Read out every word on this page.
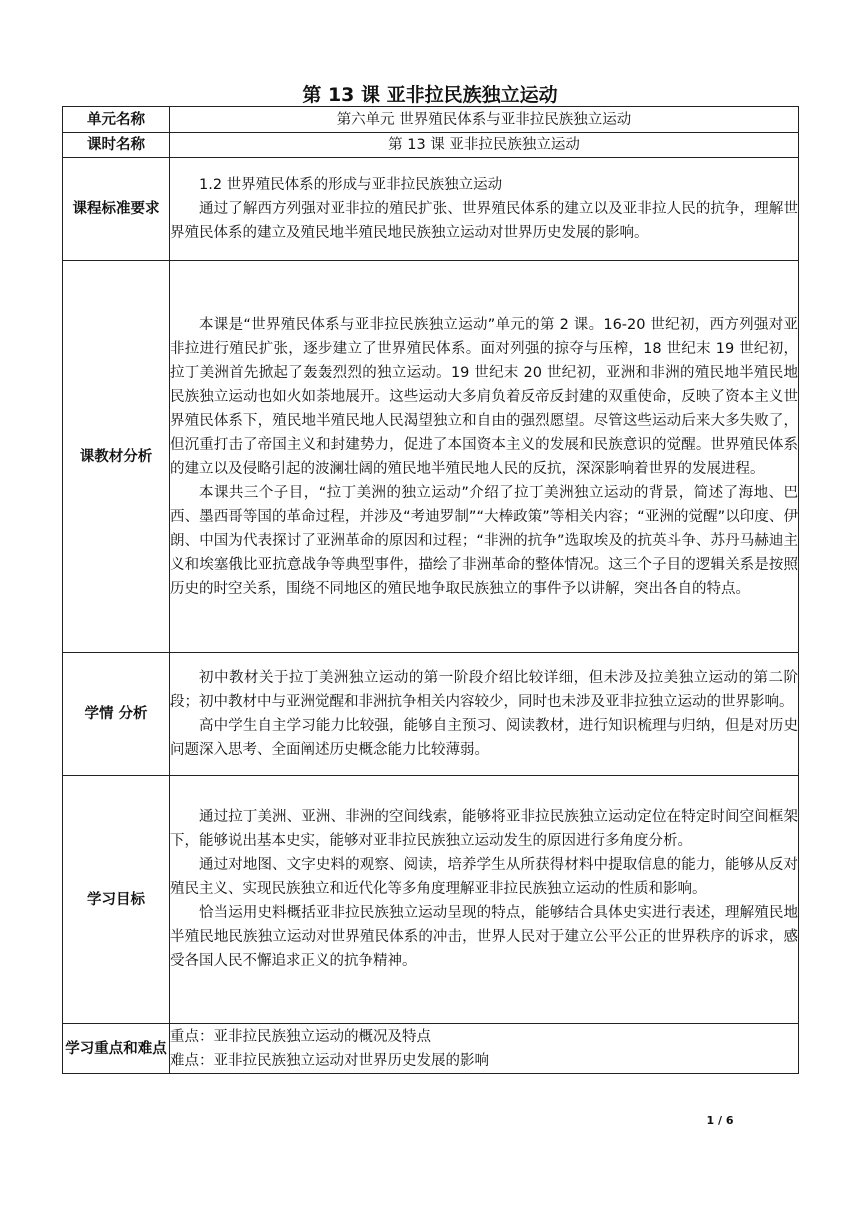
第 13 课 亚非拉民族独立运动
单元名称	第六单元 世界殖民体系与亚非拉民族独立运动
课时名称	第 13 课 亚非拉民族独立运动
课程标准要求	1.2 世界殖民体系的形成与亚非拉民族独立运动

通过了解西方列强对亚非拉的殖民扩张、世界殖民体系的建立以及亚非拉人民的抗争，理解世界殖民体系的建立及殖民地半殖民地民族独立运动对世界历史发展的影响。

课教材分析	本课是“世界殖民体系与亚非拉民族独立运动”单元的第 2 课。16-20 世纪初，西方列强对亚非拉进行殖民扩张，逐步建立了世界殖民体系。面对列强的掠夺与压榨，18 世纪末 19 世纪初，拉丁美洲首先掀起了轰轰烈烈的独立运动。19 世纪末 20 世纪初，亚洲和非洲的殖民地半殖民地民族独立运动也如火如荼地展开。这些运动大多肩负着反帝反封建的双重使命，反映了资本主义世界殖民体系下，殖民地半殖民地人民渴望独立和自由的强烈愿望。尽管这些运动后来大多失败了，但沉重打击了帝国主义和封建势力，促进了本国资本主义的发展和民族意识的觉醒。世界殖民体系的建立以及侵略引起的波澜壮阔的殖民地半殖民地人民的反抗，深深影响着世界的发展进程。

本课共三个子目，“拉丁美洲的独立运动”介绍了拉丁美洲独立运动的背景，简述了海地、巴西、墨西哥等国的革命过程，并涉及“考迪罗制”“大棒政策”等相关内容；“亚洲的觉醒”以印度、伊朗、中国为代表探讨了亚洲革命的原因和过程；“非洲的抗争”选取埃及的抗英斗争、苏丹马赫迪主义和埃塞俄比亚抗意战争等典型事件，描绘了非洲革命的整体情况。这三个子目的逻辑关系是按照历史的时空关系，围绕不同地区的殖民地争取民族独立的事件予以讲解，突出各自的特点。

学情 分析	初中教材关于拉丁美洲独立运动的第一阶段介绍比较详细，但未涉及拉美独立运动的第二阶段；初中教材中与亚洲觉醒和非洲抗争相关内容较少，同时也未涉及亚非拉独立运动的世界影响。

高中学生自主学习能力比较强，能够自主预习、阅读教材，进行知识梳理与归纳，但是对历史问题深入思考、全面阐述历史概念能力比较薄弱。

学习目标	通过拉丁美洲、亚洲、非洲的空间线索，能够将亚非拉民族独立运动定位在特定时间空间框架下，能够说出基本史实，能够对亚非拉民族独立运动发生的原因进行多角度分析。

通过对地图、文字史料的观察、阅读，培养学生从所获得材料中提取信息的能力，能够从反对殖民主义、实现民族独立和近代化等多角度理解亚非拉民族独立运动的性质和影响。

恰当运用史料概括亚非拉民族独立运动呈现的特点，能够结合具体史实进行表述，理解殖民地半殖民地民族独立运动对世界殖民体系的冲击，世界人民对于建立公平公正的世界秩序的诉求，感受各国人民不懈追求正义的抗争精神。

学习重点和难点	重点：亚非拉民族独立运动的概况及特点

难点：亚非拉民族独立运动对世界历史发展的影响

1 / 6
